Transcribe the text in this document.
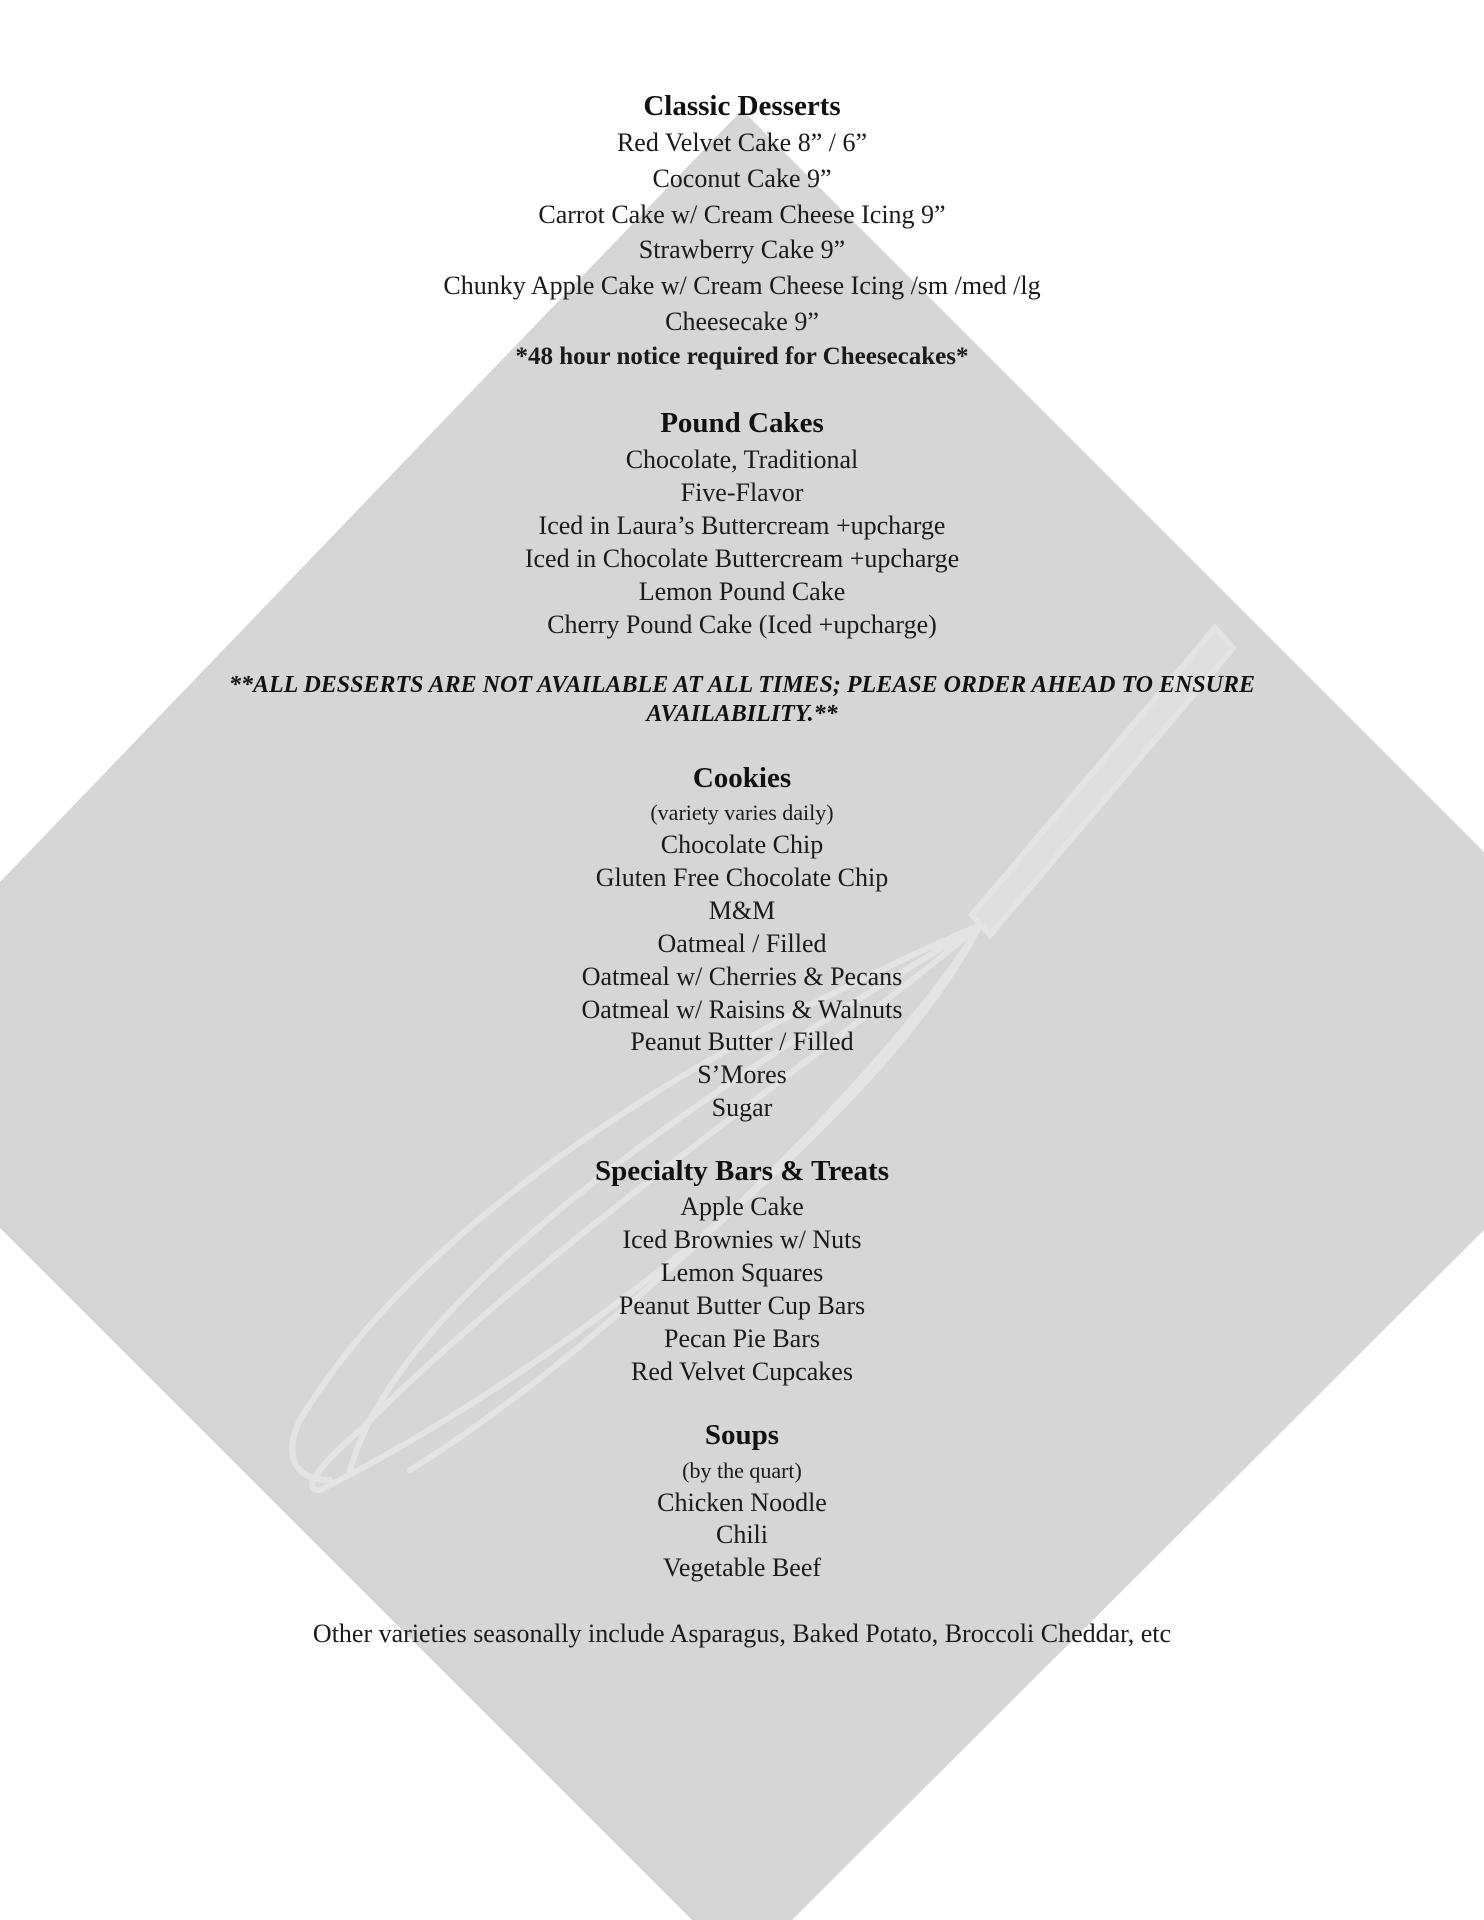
Classic Desserts
Red Velvet Cake 8” / 6”
Coconut Cake 9”
Carrot Cake w/ Cream Cheese Icing 9”
Strawberry Cake 9”
Chunky Apple Cake w/ Cream Cheese Icing /sm /med /lg
Cheesecake 9”
*48 hour notice required for Cheesecakes*
Pound Cakes
Chocolate, Traditional
Five-Flavor
Iced in Laura’s Buttercream +upcharge
Iced in Chocolate Buttercream +upcharge
Lemon Pound Cake
Cherry Pound Cake (Iced +upcharge)
**ALL DESSERTS ARE NOT AVAILABLE AT ALL TIMES; PLEASE ORDER AHEAD TO ENSURE
AVAILABILITY.**
Cookies
(variety varies daily)
Chocolate Chip
Gluten Free Chocolate Chip
M&M
Oatmeal / Filled
Oatmeal w/ Cherries & Pecans
Oatmeal w/ Raisins & Walnuts
Peanut Butter / Filled
S’Mores
Sugar
Specialty Bars & Treats
Apple Cake
Iced Brownies w/ Nuts
Lemon Squares
Peanut Butter Cup Bars
Pecan Pie Bars
Red Velvet Cupcakes
Soups
(by the quart)
Chicken Noodle
Chili
Vegetable Beef
Other varieties seasonally include Asparagus, Baked Potato, Broccoli Cheddar, etc
